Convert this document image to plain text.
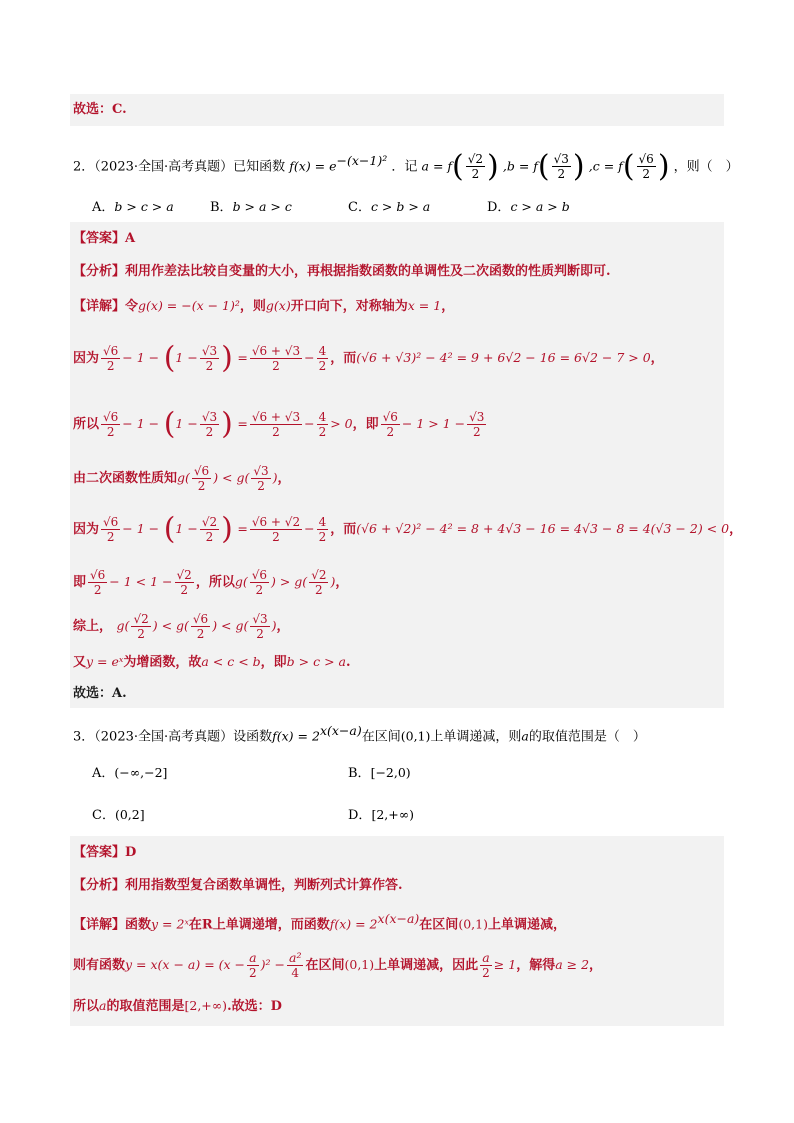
故选：C.
2．（2023·全国·高考真题）已知函数 $f(x) = e^{-(x-1)^2}$ ．记 $a = f( \frac{√2}{2}$ ) $,b = f( \frac{√3}{2}$ ) $,c = f( \frac{√6}{2}$ ) ，则（　）
A．b > c > a	B．b > a > c	C．c > b > a	D．c > a > b
【答案】A
【分析】利用作差法比较自变量的大小，再根据指数函数的单调性及二次函数的性质判断即可.
【详解】令g(x) = −(x − 1)²，则g(x)开口向下，对称轴为x = 1，
因为 $\frac{√6}{2} - 1 - (1 - \frac{√3}{2}$ ) = $\frac{√6 + √3}{2} - \frac{4}{2}$ ，而(√6 + √3)² − 4² = 9 + 6√2 − 16 = 6√2 − 7 > 0，
所以 $\frac{√6}{2} - 1 - (1 - \frac{√3}{2}$ ) = $\frac{√6 + √3}{2} - \frac{4}{2} > 0$，即 $\frac{√6}{2} - 1 > 1 - \frac{√3}{2}$
由二次函数性质知$g( \frac{√6}{2}$ ) < $g( \frac{√3}{2}$ )，
因为 $\frac{√6}{2} - 1 - (1 - \frac{√2}{2}$ ) = $\frac{√6 + √2}{2} - \frac{4}{2}$ ，而(√6 + √2)² − 4² = 8 + 4√3 − 16 = 4√3 − 8 = 4(√3 − 2) < 0，
即 $\frac{√6}{2} - 1 < 1 - \frac{√2}{2}$ ，所以$g( \frac{√6}{2}$ ) > $g( \frac{√2}{2}$ )，
综上， $g( \frac{√2}{2}$ ) < $g( \frac{√6}{2}$ ) < $g( \frac{√3}{2}$ )，
又y = eˣ为增函数，故a < c < b，即b > c > a.
故选：A.
3．（2023·全国·高考真题）设函数$f(x) = 2^{x(x-a)}$在区间(0,1)上单调递减，则a的取值范围是（　）
A．(−∞,−2]	B．[−2,0)
C．(0,2]	D．[2,+∞)
【答案】D
【分析】利用指数型复合函数单调性，判断列式计算作答.
【详解】函数y = 2ˣ在R上单调递增，而函数$f(x) = 2^{x(x-a)}$在区间(0,1)上单调递减，
则有函数$y = x(x - a) = (x - \frac{a}{2} )^2 - \frac{\text{a²}}{4}$ 在区间(0,1)上单调递减，因此 $\frac{a}{2} \ge 1$，解得a ≥ 2，
所以a的取值范围是[2,+∞).故选：D
